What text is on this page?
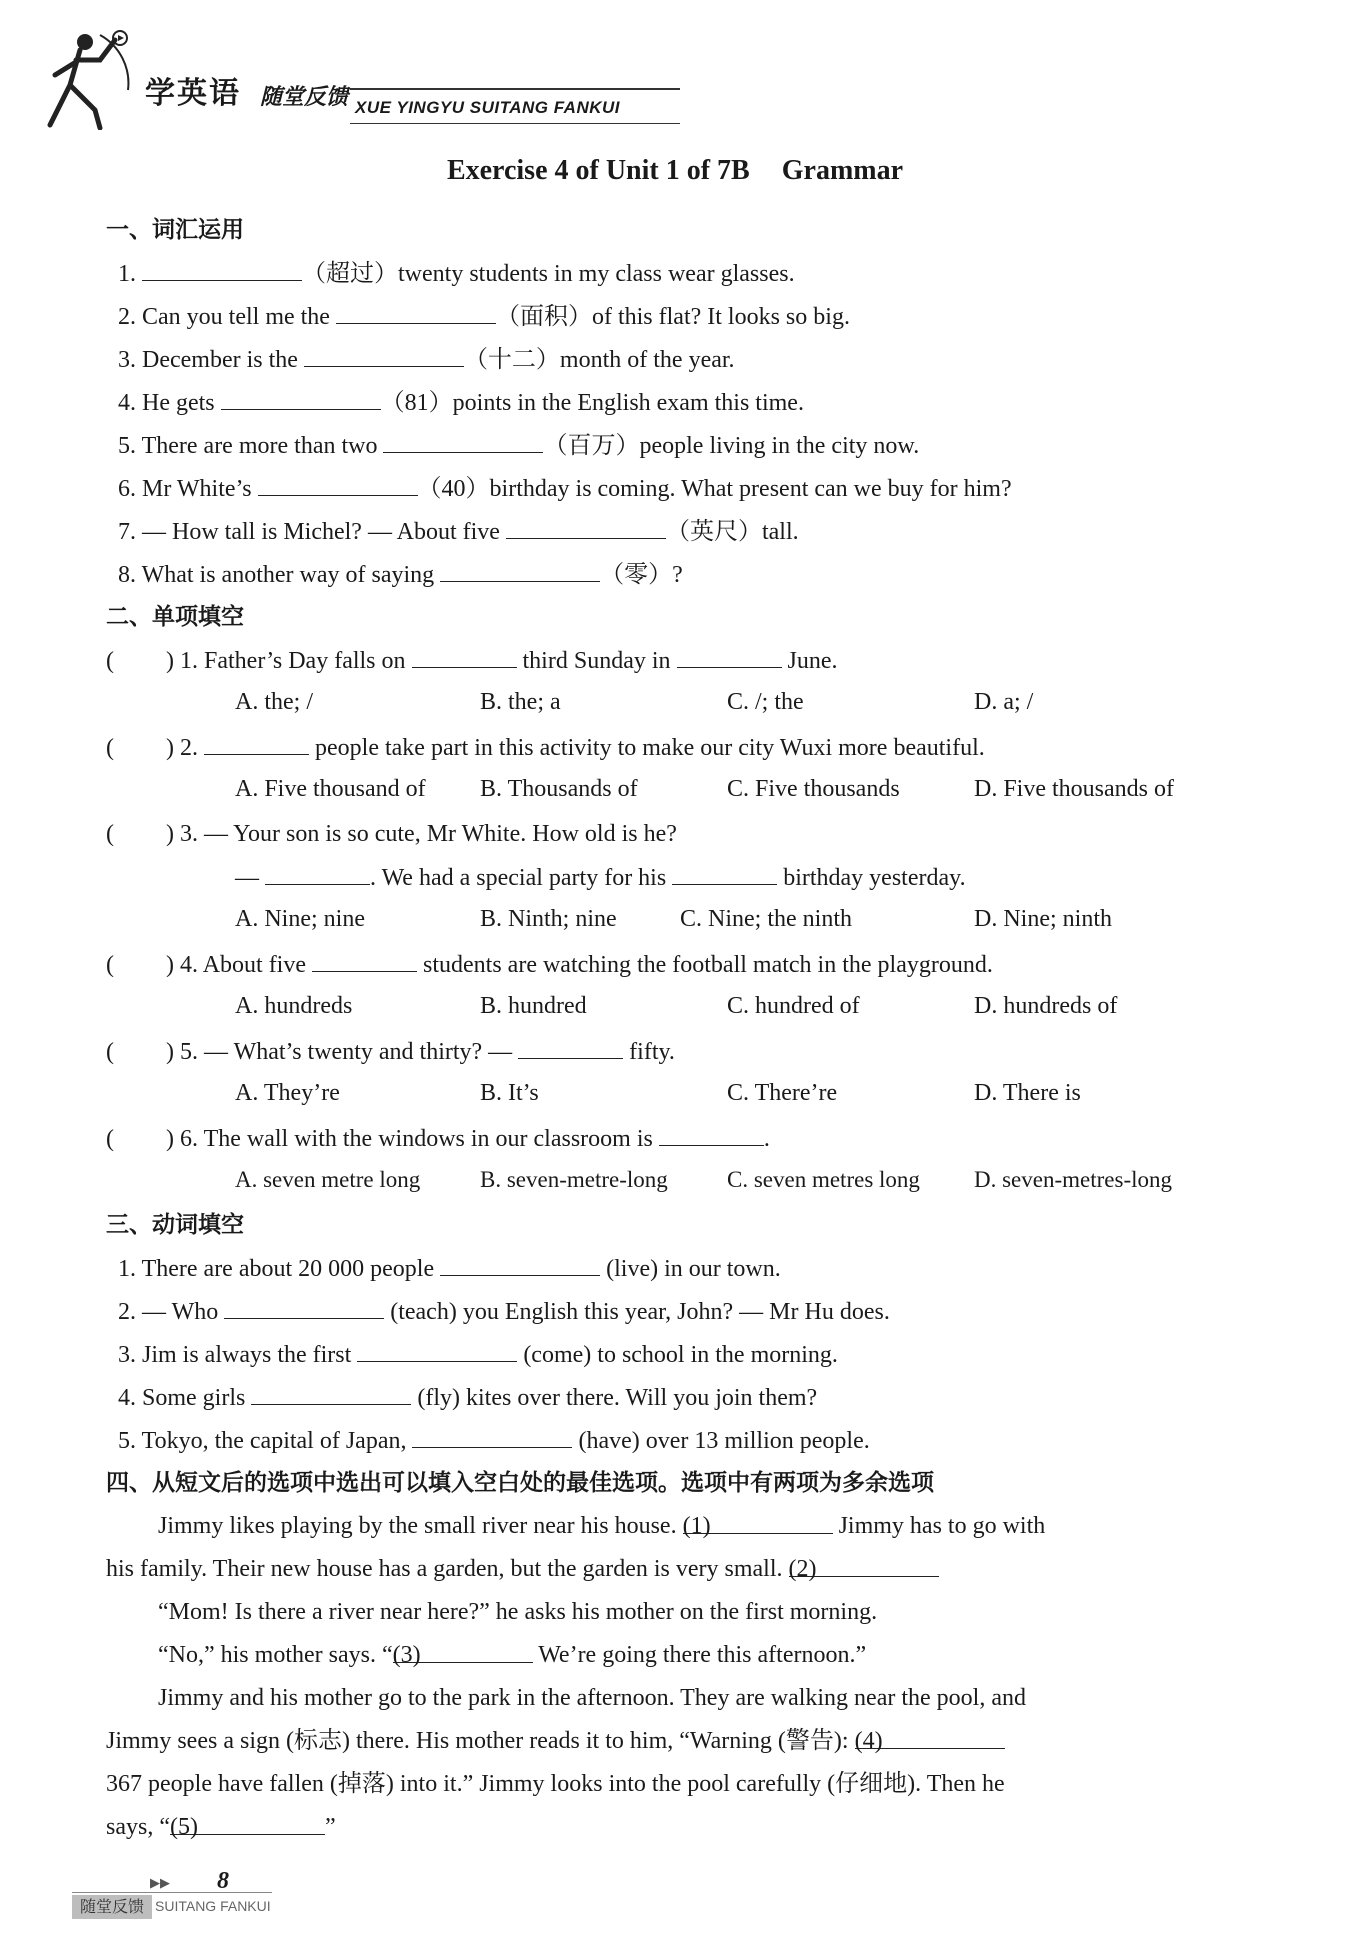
学英语 随堂反馈 XUE YINGYU SUITANG FANKUI
Exercise 4 of Unit 1 of 7B Grammar
一、词汇运用
1.	（超过）twenty students in my class wear glasses.
2. Can you tell me the	（面积）of this flat? It looks so big.
3. December is the	（十二）month of the year.
4. He gets	（81）points in the English exam this time.
5. There are more than two	（百万）people living in the city now.
6. Mr White’s	（40）birthday is coming. What present can we buy for him?
7. — How tall is Michel? — About five	（英尺）tall.
8. What is another way of saying	（零）?
二、单项填空
( ) 1. Father’s Day falls on	third Sunday in	June.
A. the; /	B. the; a	C. /; the	D. a; /
( ) 2.	people take part in this activity to make our city Wuxi more beautiful.
A. Five thousand of B. Thousands of	C. Five thousands	D. Five thousands of
( ) 3. — Your son is so cute, Mr White. How old is he?
—	. We had a special party for his	birthday yesterday.
A. Nine; nine	B. Ninth; nine	C. Nine; the ninth	D. Nine; ninth
( ) 4. About five	students are watching the football match in the playground.
A. hundreds	B. hundred	C. hundred of	D. hundreds of
( ) 5. — What’s twenty and thirty? —	fifty.
A. They’re	B. It’s	C. There’re	D. There is
( ) 6. The wall with the windows in our classroom is	.
A. seven metre long	B. seven-metre-long	C. seven metres long D. seven-metres-long
三、动词填空
1. There are about 20 000 people	(live) in our town.
2. — Who	(teach) you English this year, John? — Mr Hu does.
3. Jim is always the first	(come) to school in the morning.
4. Some girls	(fly) kites over there. Will you join them?
5. Tokyo, the capital of Japan,	(have) over 13 million people.
四、从短文后的选项中选出可以填入空白处的最佳选项。选项中有两项为多余选项
Jimmy likes playing by the small river near his house. (1)	Jimmy has to go with
his family. Their new house has a garden, but the garden is very small. (2)
“Mom! Is there a river near here?” he asks his mother on the first morning.
“No,” his mother says. “(3)	We’re going there this afternoon.”
Jimmy and his mother go to the park in the afternoon. They are walking near the pool, and
Jimmy sees a sign (标志) there. His mother reads it to him, “Warning (警告): (4)
367 people have fallen (掉落) into it.” Jimmy looks into the pool carefully (仔细地). Then he
says, “(5)	”
▶▶ 8
随堂反馈 SUITANG FANKUI
